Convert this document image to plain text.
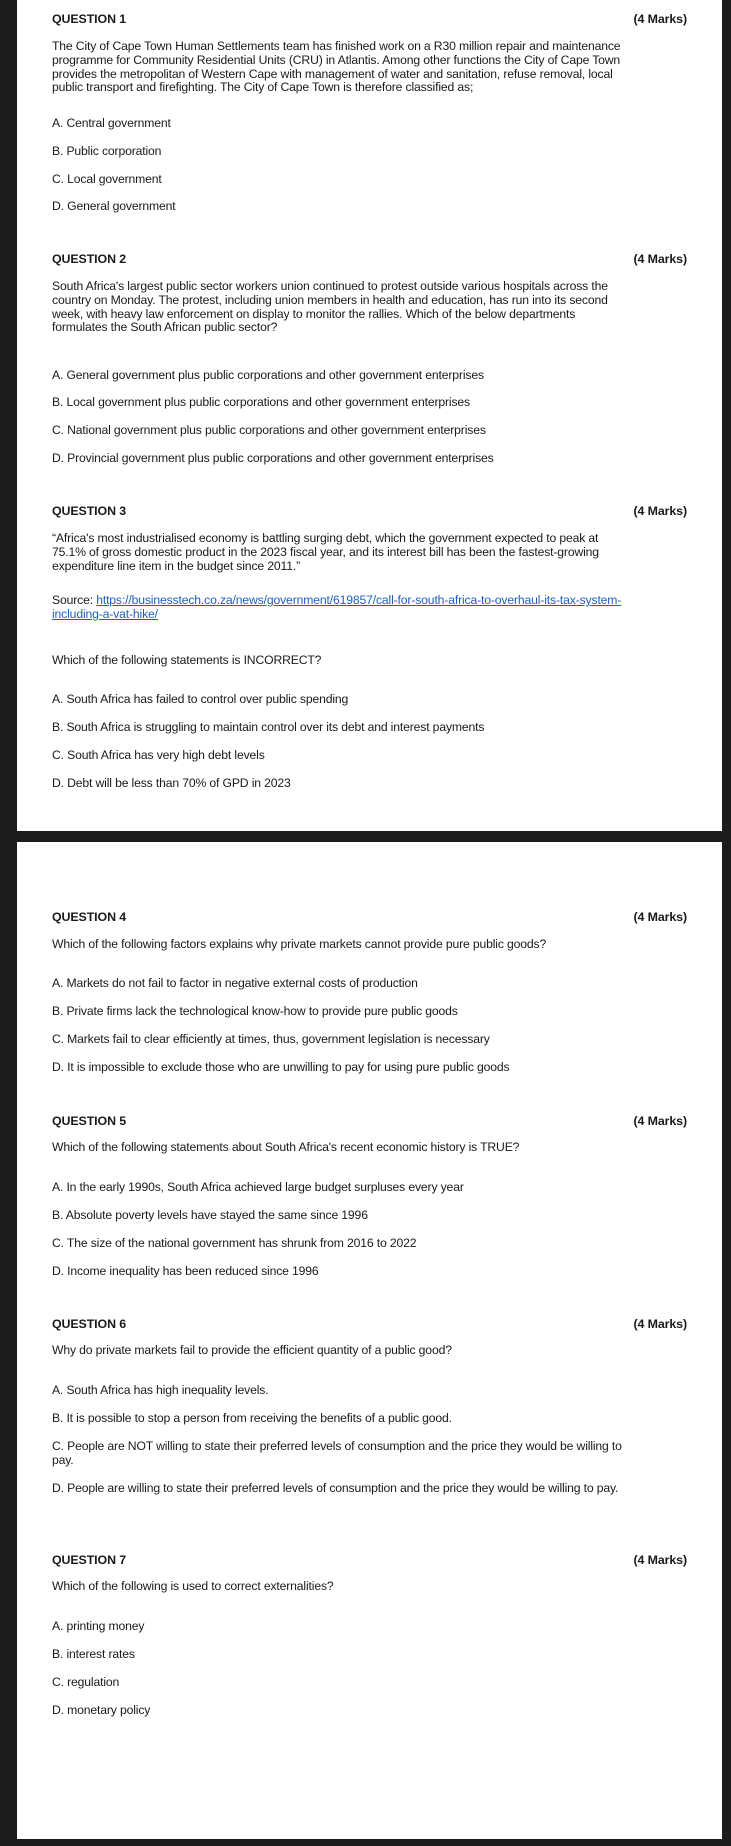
QUESTION 1	(4 Marks)
The City of Cape Town Human Settlements team has finished work on a R30 million repair and maintenance programme for Community Residential Units (CRU) in Atlantis. Among other functions the City of Cape Town provides the metropolitan of Western Cape with management of water and sanitation, refuse removal, local public transport and firefighting. The City of Cape Town is therefore classified as;
A. Central government
B. Public corporation
C. Local government
D. General government
QUESTION 2	(4 Marks)
South Africa's largest public sector workers union continued to protest outside various hospitals across the country on Monday. The protest, including union members in health and education, has run into its second week, with heavy law enforcement on display to monitor the rallies. Which of the below departments formulates the South African public sector?
A. General government plus public corporations and other government enterprises
B. Local government plus public corporations and other government enterprises
C. National government plus public corporations and other government enterprises
D. Provincial government plus public corporations and other government enterprises
QUESTION 3	(4 Marks)
“Africa's most industrialised economy is battling surging debt, which the government expected to peak at 75.1% of gross domestic product in the 2023 fiscal year, and its interest bill has been the fastest-growing expenditure line item in the budget since 2011.”
Source: https://businesstech.co.za/news/government/619857/call-for-south-africa-to-overhaul-its-tax-system-including-a-vat-hike/
Which of the following statements is INCORRECT?
A. South Africa has failed to control over public spending
B. South Africa is struggling to maintain control over its debt and interest payments
C. South Africa has very high debt levels
D. Debt will be less than 70% of GPD in 2023
QUESTION 4	(4 Marks)
Which of the following factors explains why private markets cannot provide pure public goods?
A. Markets do not fail to factor in negative external costs of production
B. Private firms lack the technological know-how to provide pure public goods
C. Markets fail to clear efficiently at times, thus, government legislation is necessary
D. It is impossible to exclude those who are unwilling to pay for using pure public goods
QUESTION 5	(4 Marks)
Which of the following statements about South Africa's recent economic history is TRUE?
A. In the early 1990s, South Africa achieved large budget surpluses every year
B. Absolute poverty levels have stayed the same since 1996
C. The size of the national government has shrunk from 2016 to 2022
D. Income inequality has been reduced since 1996
QUESTION 6	(4 Marks)
Why do private markets fail to provide the efficient quantity of a public good?
A. South Africa has high inequality levels.
B. It is possible to stop a person from receiving the benefits of a public good.
C. People are NOT willing to state their preferred levels of consumption and the price they would be willing to pay.
D. People are willing to state their preferred levels of consumption and the price they would be willing to pay.
QUESTION 7	(4 Marks)
Which of the following is used to correct externalities?
A. printing money
B. interest rates
C. regulation
D. monetary policy
